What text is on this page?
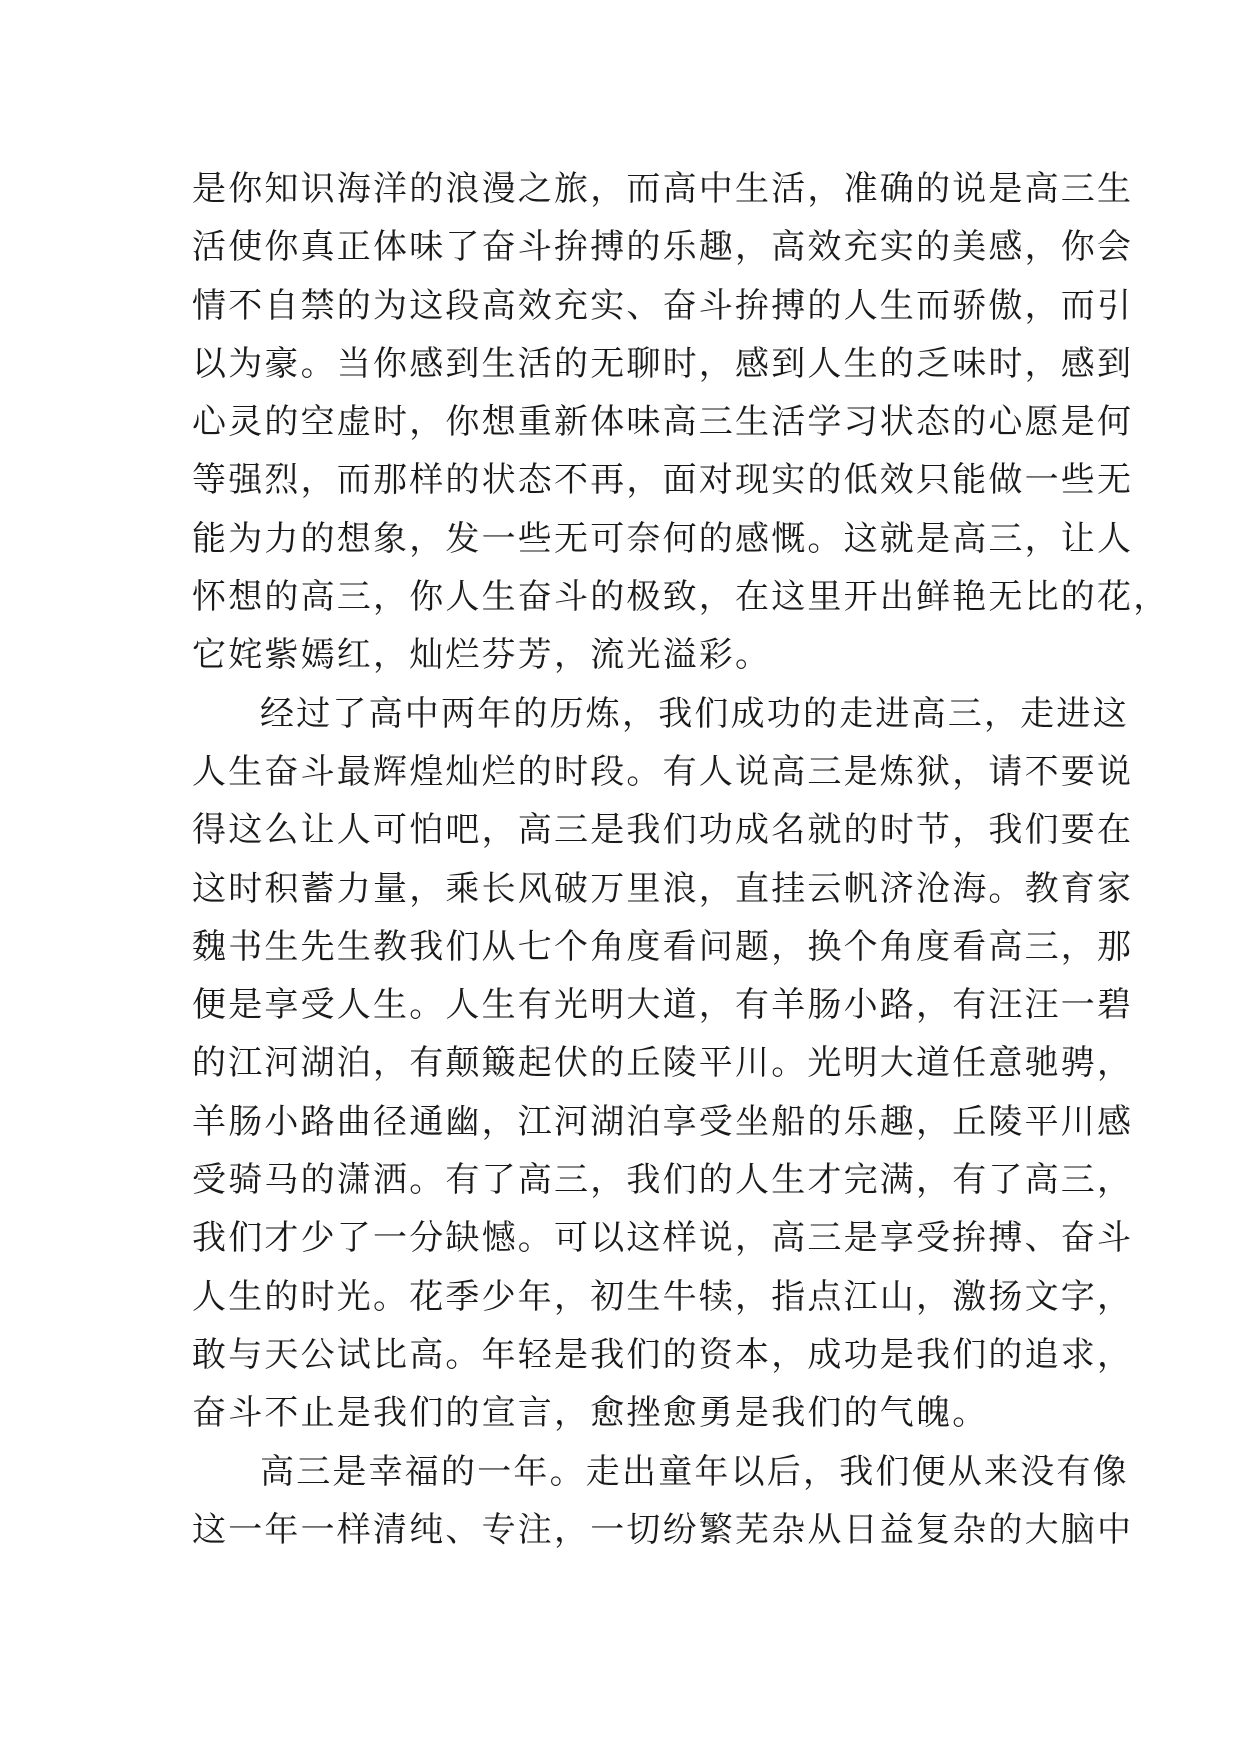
是你知识海洋的浪漫之旅，而高中生活，准确的说是高三生
活使你真正体味了奋斗拚搏的乐趣，高效充实的美感，你会
情不自禁的为这段高效充实、奋斗拚搏的人生而骄傲，而引
以为豪。当你感到生活的无聊时，感到人生的乏味时，感到
心灵的空虚时，你想重新体味高三生活学习状态的心愿是何
等强烈，而那样的状态不再，面对现实的低效只能做一些无
能为力的想象，发一些无可奈何的感慨。这就是高三，让人
怀想的高三，你人生奋斗的极致，在这里开出鲜艳无比的花，
它姹紫嫣红，灿烂芬芳，流光溢彩。
经过了高中两年的历炼，我们成功的走进高三，走进这
人生奋斗最辉煌灿烂的时段。有人说高三是炼狱，请不要说
得这么让人可怕吧，高三是我们功成名就的时节，我们要在
这时积蓄力量，乘长风破万里浪，直挂云帆济沧海。教育家
魏书生先生教我们从七个角度看问题，换个角度看高三，那
便是享受人生。人生有光明大道，有羊肠小路，有汪汪一碧
的江河湖泊，有颠簸起伏的丘陵平川。光明大道任意驰骋，
羊肠小路曲径通幽，江河湖泊享受坐船的乐趣，丘陵平川感
受骑马的潇洒。有了高三，我们的人生才完满，有了高三，
我们才少了一分缺憾。可以这样说，高三是享受拚搏、奋斗
人生的时光。花季少年，初生牛犊，指点江山，激扬文字，
敢与天公试比高。年轻是我们的资本，成功是我们的追求，
奋斗不止是我们的宣言，愈挫愈勇是我们的气魄。
高三是幸福的一年。走出童年以后，我们便从来没有像
这一年一样清纯、专注，一切纷繁芜杂从日益复杂的大脑中
